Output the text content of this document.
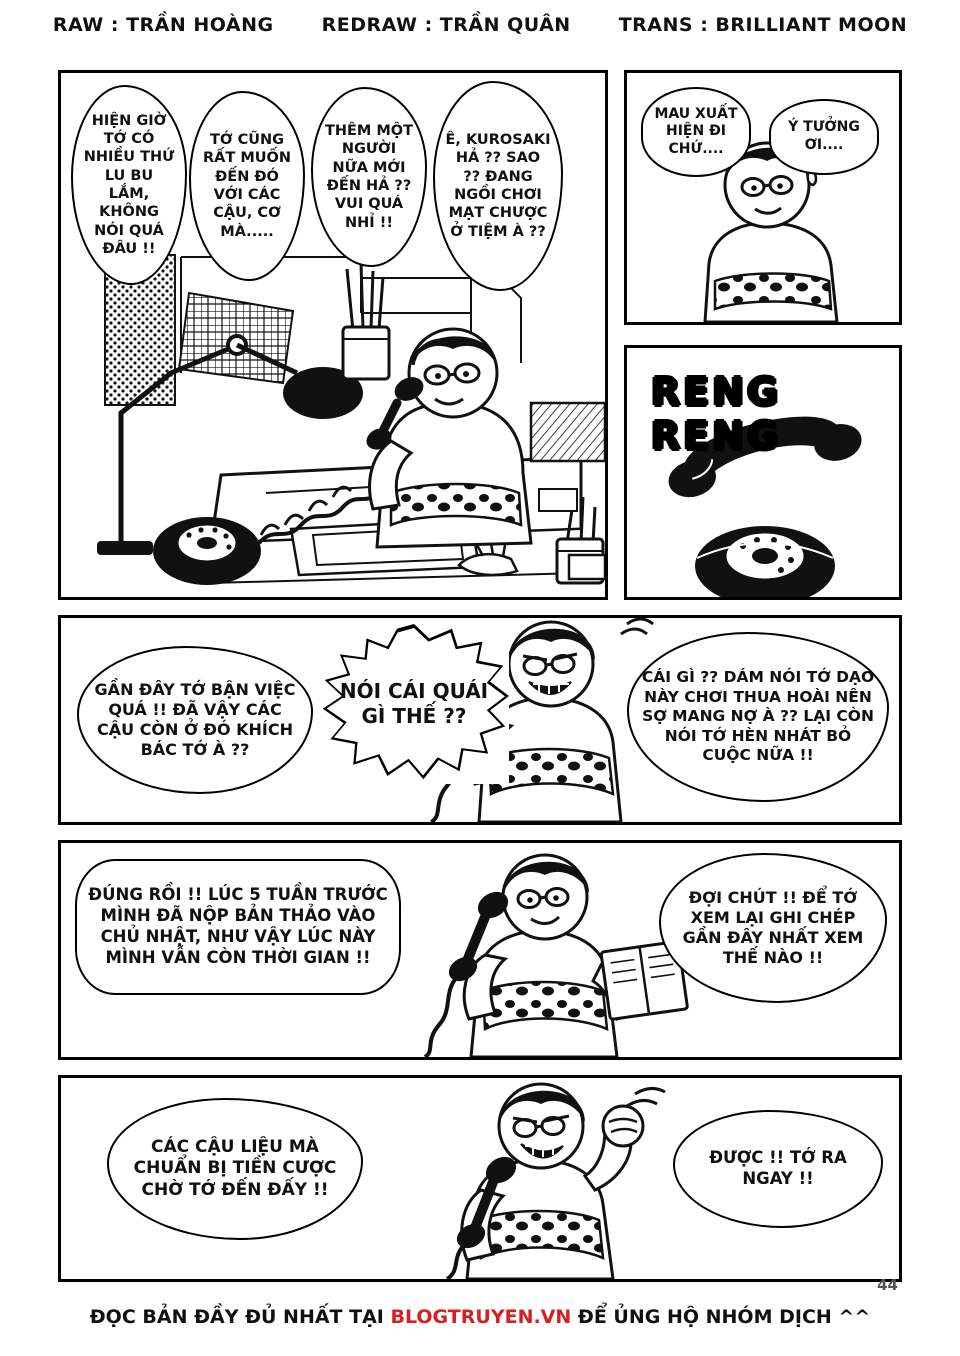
RAW : TRẦN HOÀNG	REDRAW : TRẦN QUÂN	TRANS : BRILLIANT MOON
HIỆN GIỜ TỚ CÓ NHIỀU THỨ LU BU LẮM, KHÔNG NÓI QUÁ ĐÂU !!
TỚ CŨNG RẤT MUỐN ĐẾN ĐÓ VỚI CÁC CẬU, CƠ MÀ.....
THÊM MỘT NGƯỜI NỮA MỚI ĐẾN HẢ ?? VUI QUÁ NHỈ !!
Ê, KUROSAKI HẢ ?? SAO ?? ĐANG NGỒI CHƠI MẠT CHƯỢC Ở TIỆM À ??
MAU XUẤT HIỆN ĐI CHỨ....
Ý TƯỞNG ƠI....
RENG RENG
GẦN ĐÂY TỚ BẬN VIỆC QUÁ !! ĐÃ VẬY CÁC CẬU CÒN Ở ĐÓ KHÍCH BÁC TỚ À ??
NÓI CÁI QUÁI GÌ THẾ ??
CÁI GÌ ?? DÁM NÓI TỚ DẠO NÀY CHƠI THUA HOÀI NÊN SỢ MANG NỢ À ?? LẠI CÒN NÓI TỚ HÈN NHÁT BỎ CUỘC NỮA !!
ĐÚNG RỒI !! LÚC 5 TUẦN TRƯỚC MÌNH ĐÃ NỘP BẢN THẢO VÀO CHỦ NHẬT, NHƯ VẬY LÚC NÀY MÌNH VẪN CÒN THỜI GIAN !!
ĐỢI CHÚT !! ĐỂ TỚ XEM LẠI GHI CHÉP GẦN ĐÂY NHẤT XEM THẾ NÀO !!
CÁC CẬU LIỆU MÀ CHUẨN BỊ TIỀN CƯỢC CHỜ TỚ ĐẾN ĐẤY !!
ĐƯỢC !! TỚ RA NGAY !!
44
ĐỌC BẢN ĐẦY ĐỦ NHẤT TẠI BLOGTRUYEN.VN ĐỂ ỦNG HỘ NHÓM DỊCH ^^
